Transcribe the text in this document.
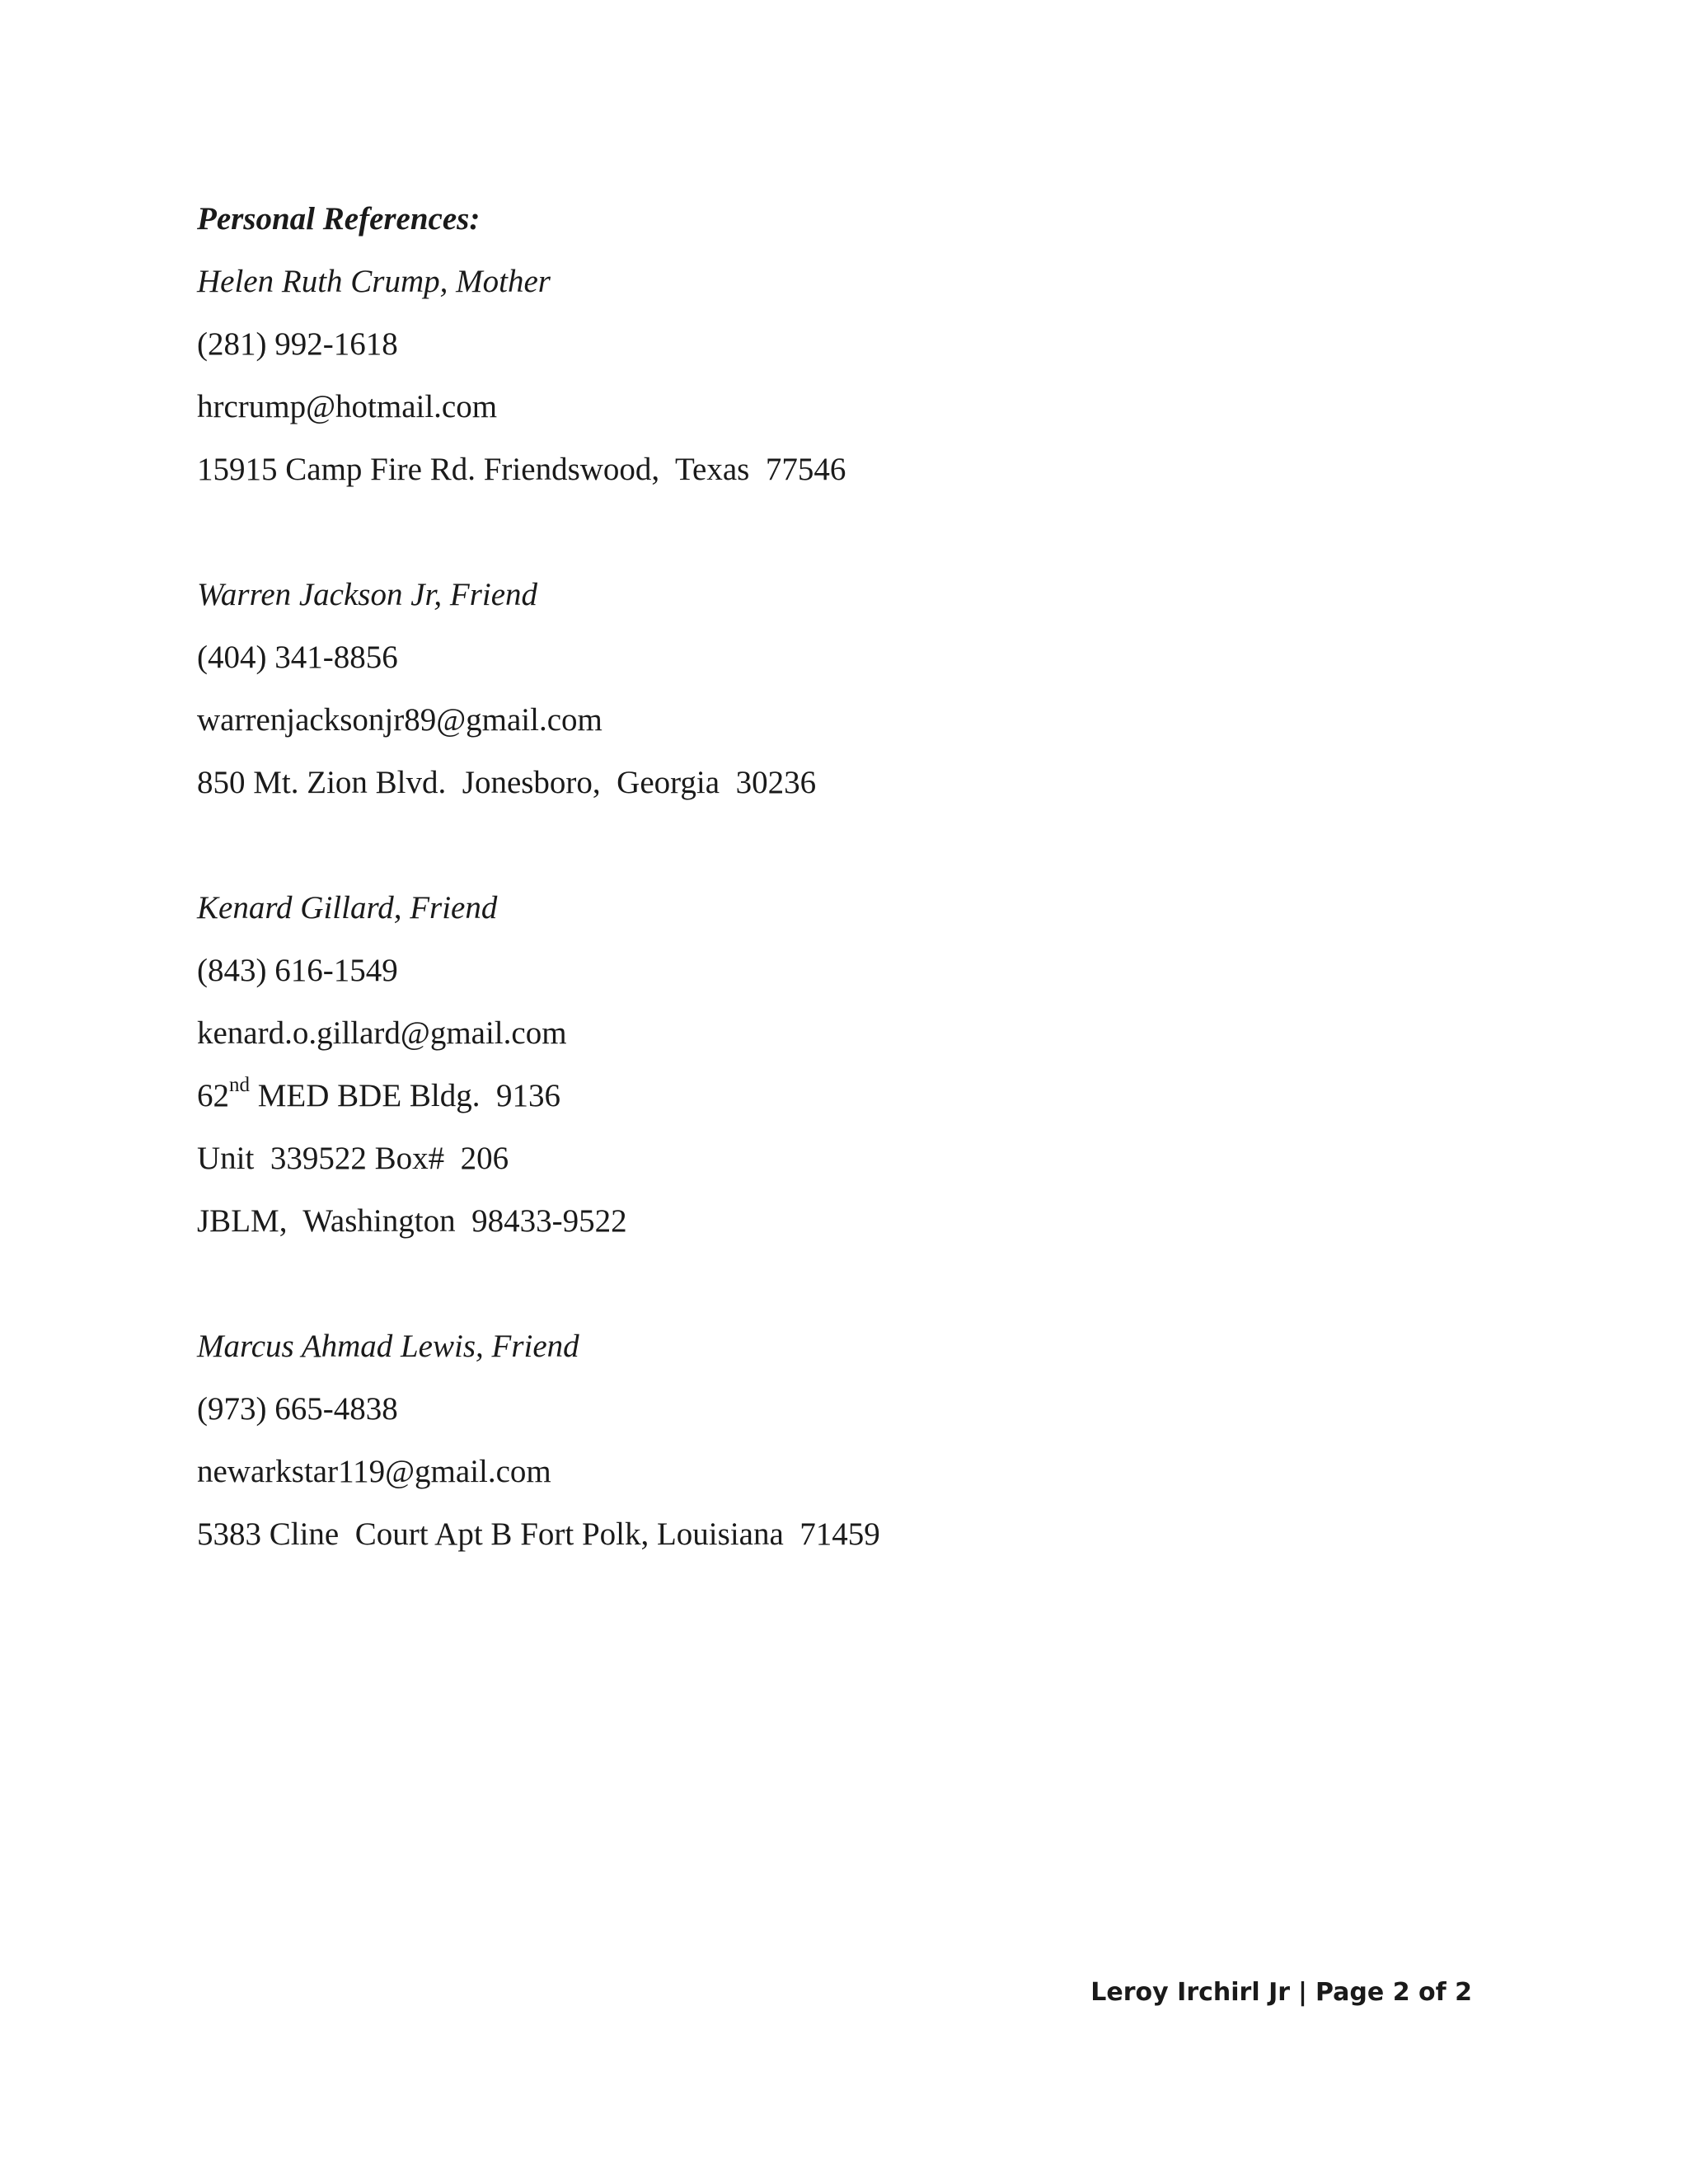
Personal References:
Helen Ruth Crump, Mother
(281) 992-1618
hrcrump@hotmail.com
15915 Camp Fire Rd. Friendswood,  Texas  77546
Warren Jackson Jr, Friend
(404) 341-8856
warrenjacksonjr89@gmail.com
850 Mt. Zion Blvd.  Jonesboro,  Georgia  30236
Kenard Gillard, Friend
(843) 616-1549
kenard.o.gillard@gmail.com
62nd MED BDE Bldg.  9136
Unit  339522 Box#  206
JBLM,  Washington  98433-9522
Marcus Ahmad Lewis, Friend
(973) 665-4838
newarkstar119@gmail.com
5383 Cline  Court Apt B Fort Polk, Louisiana  71459
Leroy Irchirl Jr | Page 2 of 2
